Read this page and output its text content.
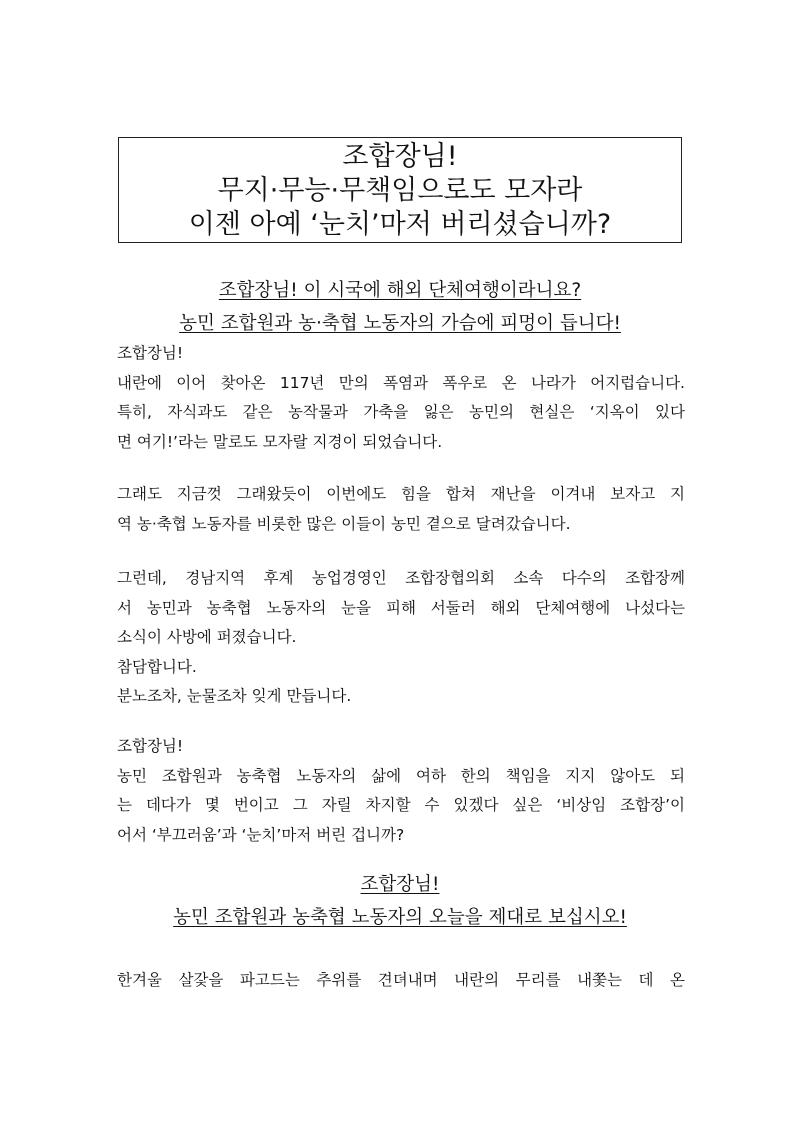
조합장님!
무지·무능·무책임으로도 모자라
이젠 아예 ‘눈치’마저 버리셨습니까?
조합장님! 이 시국에 해외 단체여행이라니요?
농민 조합원과 농·축협 노동자의 가슴에 피멍이 듭니다!
조합장님!
내란에 이어 찾아온 117년 만의 폭염과 폭우로 온 나라가 어지럽습니다.
특히, 자식과도 같은 농작물과 가축을 잃은 농민의 현실은 ‘지옥이 있다
면 여기!’라는 말로도 모자랄 지경이 되었습니다.
그래도 지금껏 그래왔듯이 이번에도 힘을 합쳐 재난을 이겨내 보자고 지
역 농·축협 노동자를 비롯한 많은 이들이 농민 곁으로 달려갔습니다.
그런데, 경남지역 후계 농업경영인 조합장협의회 소속 다수의 조합장께
서 농민과 농축협 노동자의 눈을 피해 서둘러 해외 단체여행에 나섰다는
소식이 사방에 퍼졌습니다.
참담합니다.
분노조차, 눈물조차 잊게 만듭니다.
조합장님!
농민 조합원과 농축협 노동자의 삶에 여하 한의 책임을 지지 않아도 되
는 데다가 몇 번이고 그 자릴 차지할 수 있겠다 싶은 ‘비상임 조합장’이
어서 ‘부끄러움’과 ‘눈치’마저 버린 겁니까?
조합장님!
농민 조합원과 농축협 노동자의 오늘을 제대로 보십시오!
한겨울 살갗을 파고드는 추위를 견뎌내며 내란의 무리를 내쫓는 데 온
